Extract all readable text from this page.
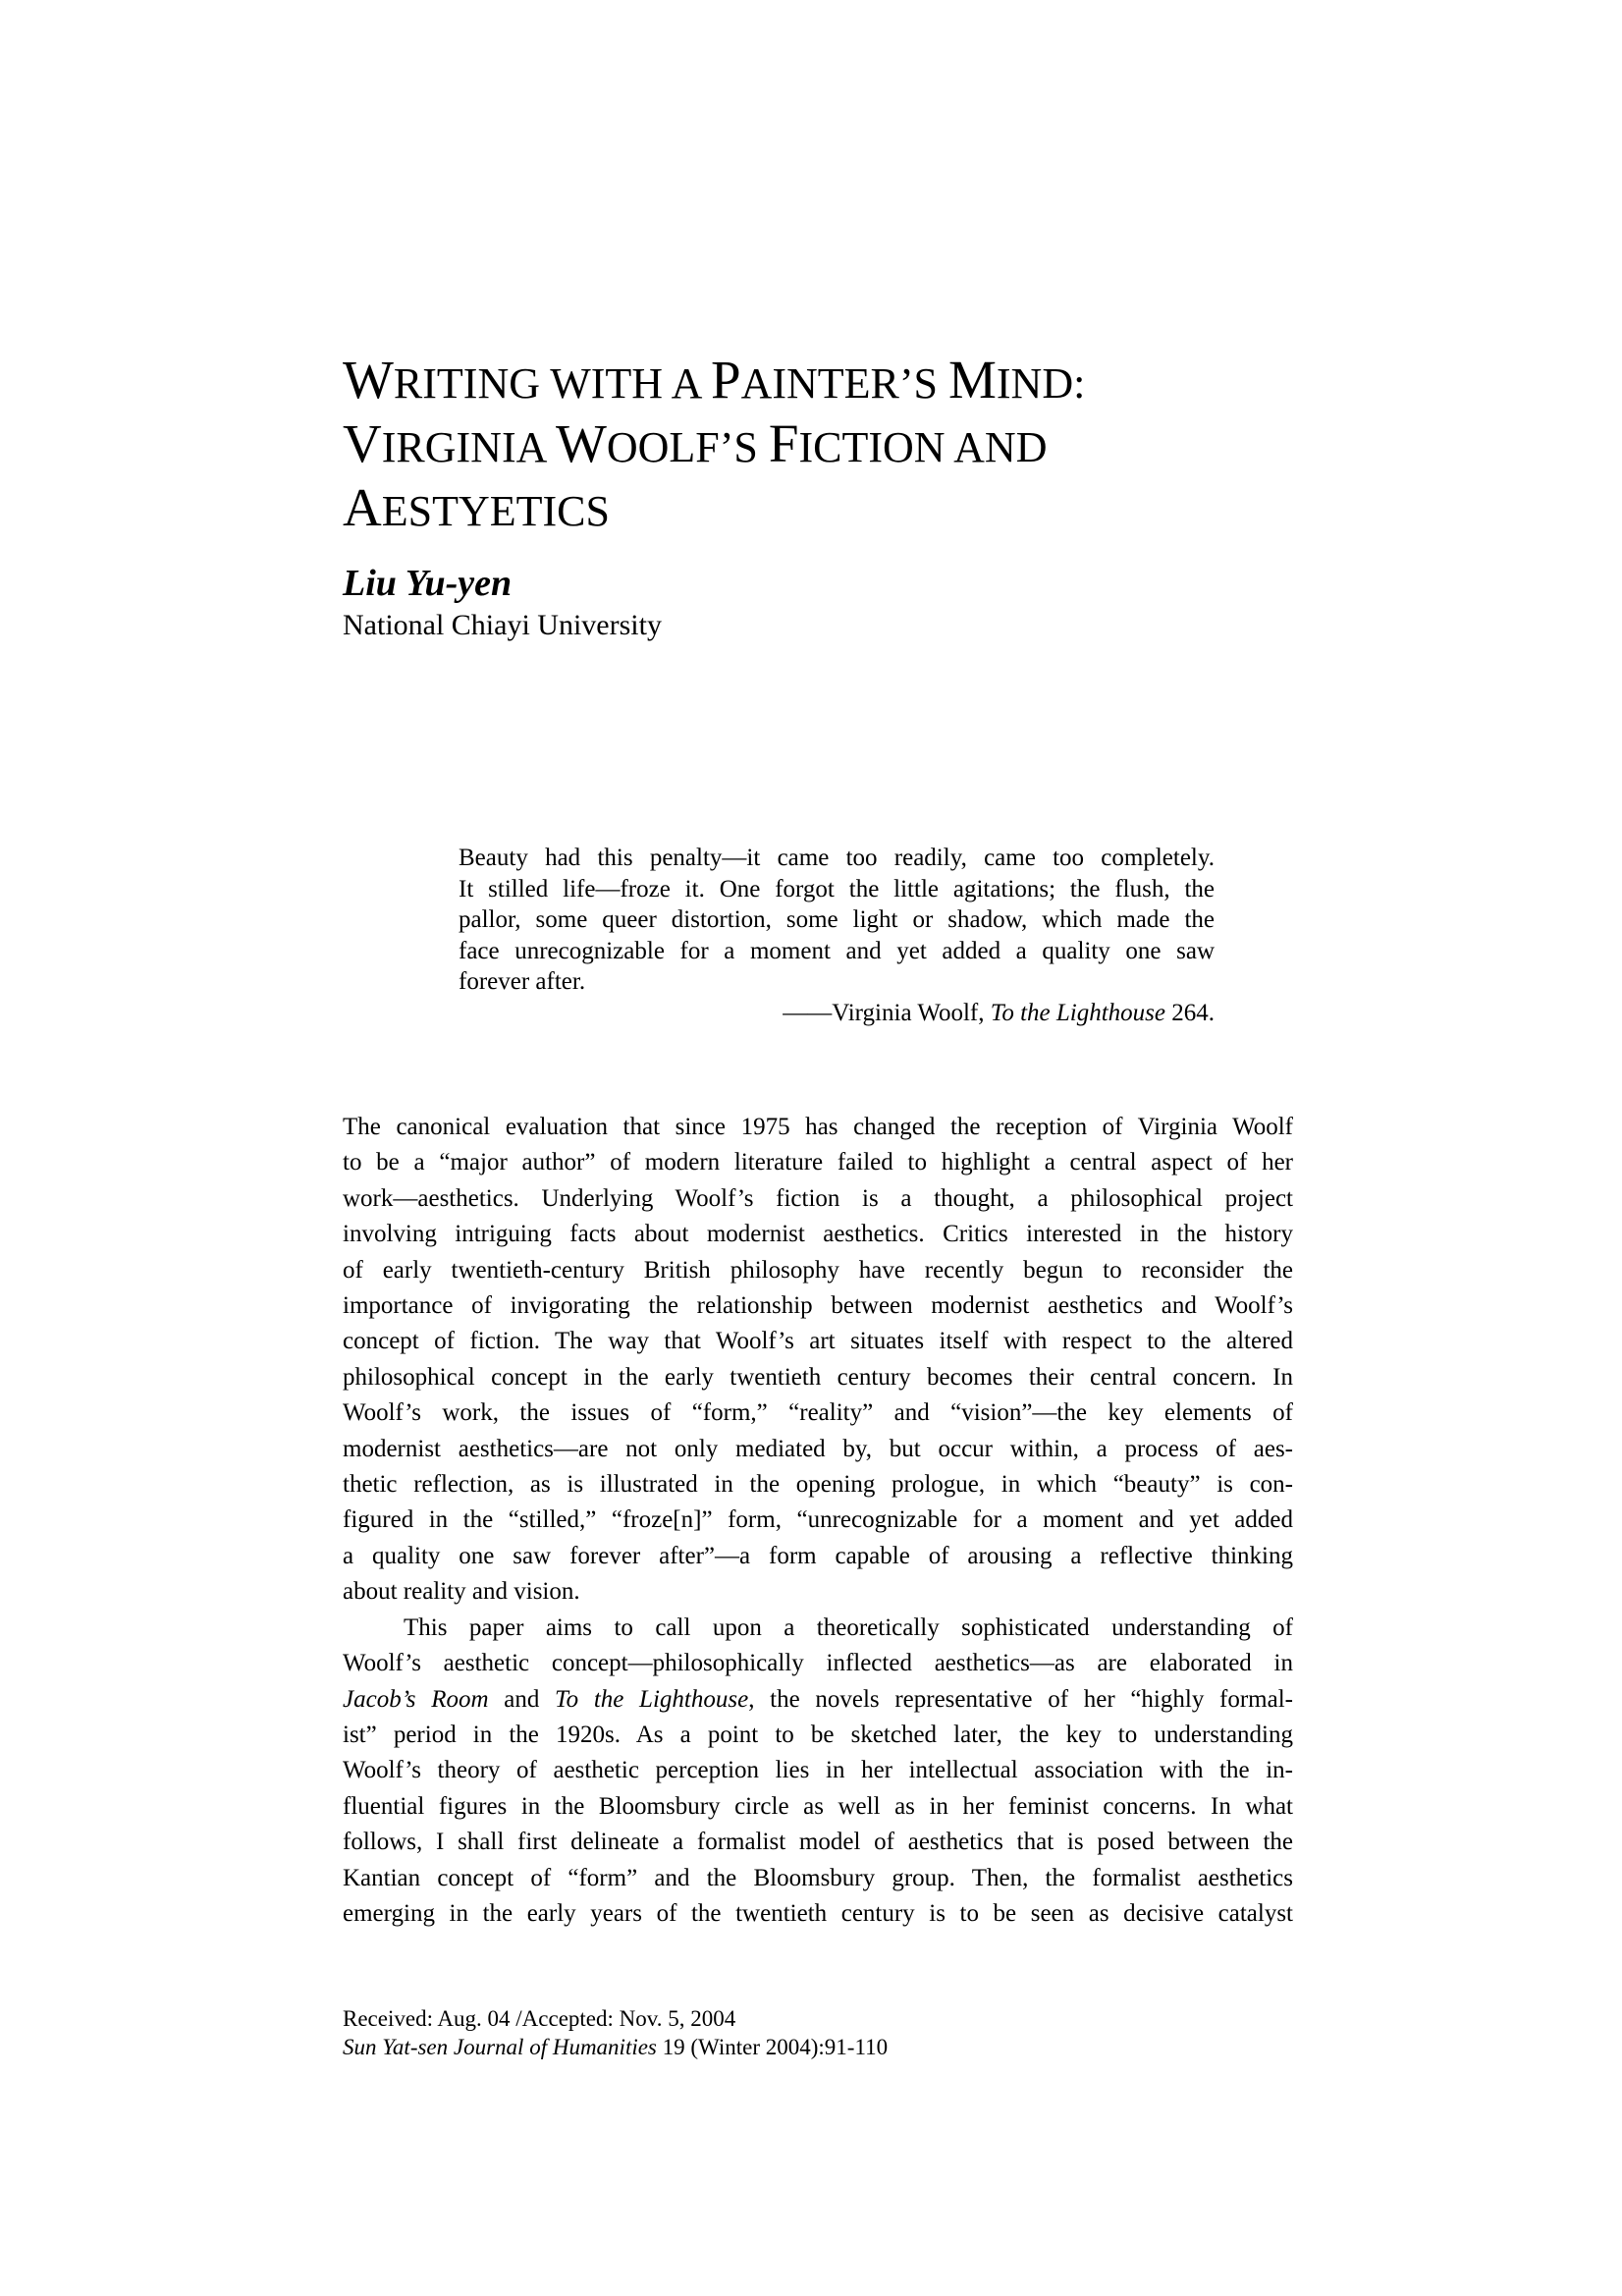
WRITING WITH A PAINTER’S MIND:
VIRGINIA WOOLF’S FICTION AND
AESTYETICS

Liu Yu-yen

National Chiayi University

Beauty had this penalty—it came too readily, came too completely.
It stilled life—froze it. One forgot the little agitations; the flush, the
pallor, some queer distortion, some light or shadow, which made the
face unrecognizable for a moment and yet added a quality one saw
forever after.
——Virginia Woolf, To the Lighthouse 264.
The canonical evaluation that since 1975 has changed the reception of Virginia Woolf
to be a “major author” of modern literature failed to highlight a central aspect of her
work—aesthetics. Underlying Woolf’s fiction is a thought, a philosophical project
involving intriguing facts about modernist aesthetics. Critics interested in the history
of early twentieth-century British philosophy have recently begun to reconsider the
importance of invigorating the relationship between modernist aesthetics and Woolf’s
concept of fiction. The way that Woolf’s art situates itself with respect to the altered
philosophical concept in the early twentieth century becomes their central concern. In
Woolf’s work, the issues of “form,” “reality” and “vision”—the key elements of
modernist aesthetics—are not only mediated by, but occur within, a process of aes-
thetic reflection, as is illustrated in the opening prologue, in which “beauty” is con-
figured in the “stilled,” “froze[n]” form, “unrecognizable for a moment and yet added
a quality one saw forever after”—a form capable of arousing a reflective thinking
about reality and vision.
This paper aims to call upon a theoretically sophisticated understanding of
Woolf’s aesthetic concept—philosophically inflected aesthetics—as are elaborated in
Jacob’s Room and To the Lighthouse, the novels representative of her “highly formal-
ist” period in the 1920s. As a point to be sketched later, the key to understanding
Woolf’s theory of aesthetic perception lies in her intellectual association with the in-
fluential figures in the Bloomsbury circle as well as in her feminist concerns. In what
follows, I shall first delineate a formalist model of aesthetics that is posed between the
Kantian concept of “form” and the Bloomsbury group. Then, the formalist aesthetics
emerging in the early years of the twentieth century is to be seen as decisive catalyst
Received: Aug. 04 /Accepted: Nov. 5, 2004
Sun Yat-sen Journal of Humanities 19 (Winter 2004):91-110
